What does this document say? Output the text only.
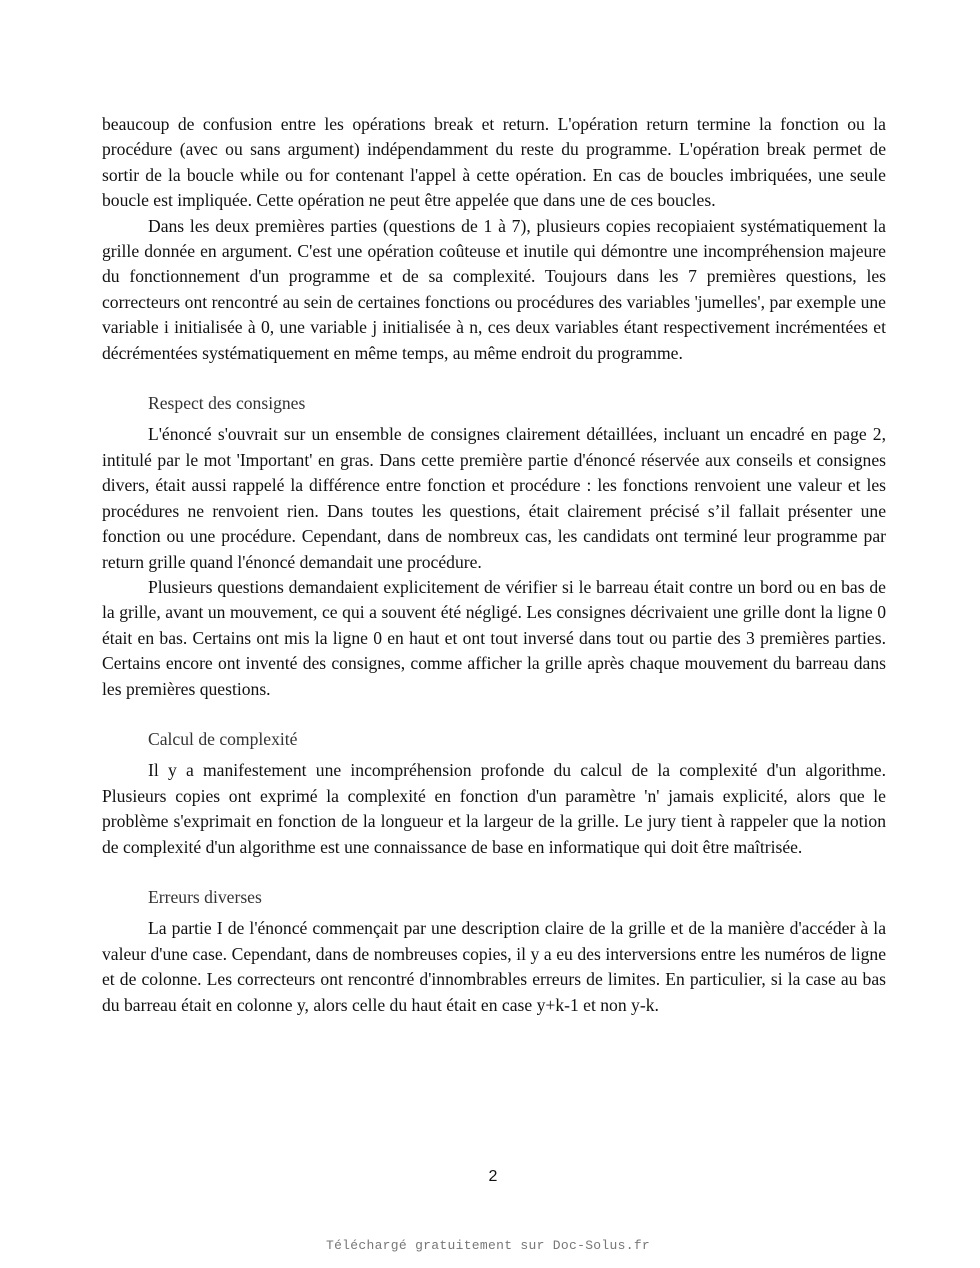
beaucoup de confusion entre les opérations break et return. L'opération return termine la fonction ou la procédure (avec ou sans argument) indépendamment du reste du programme. L'opération break permet de sortir de la boucle while ou for contenant l'appel à cette opération. En cas de boucles imbriquées, une seule boucle est impliquée. Cette opération ne peut être appelée que dans une de ces boucles.

Dans les deux premières parties (questions de 1 à 7), plusieurs copies recopiaient systématiquement la grille donnée en argument. C'est une opération coûteuse et inutile qui démontre une incompréhension majeure du fonctionnement d'un programme et de sa complexité. Toujours dans les 7 premières questions, les correcteurs ont rencontré au sein de certaines fonctions ou procédures des variables 'jumelles', par exemple une variable i initialisée à 0, une variable j initialisée à n, ces deux variables étant respectivement incrémentées et décrémentées systématiquement en même temps, au même endroit du programme.

Respect des consignes

L'énoncé s'ouvrait sur un ensemble de consignes clairement détaillées, incluant un encadré en page 2, intitulé par le mot 'Important' en gras. Dans cette première partie d'énoncé réservée aux conseils et consignes divers, était aussi rappelé la différence entre fonction et procédure : les fonctions renvoient une valeur et les procédures ne renvoient rien. Dans toutes les questions, était clairement précisé s’il fallait présenter une fonction ou une procédure. Cependant, dans de nombreux cas, les candidats ont terminé leur programme par return grille quand l'énoncé demandait une procédure.

Plusieurs questions demandaient explicitement de vérifier si le barreau était contre un bord ou en bas de la grille, avant un mouvement, ce qui a souvent été négligé. Les consignes décrivaient une grille dont la ligne 0 était en bas. Certains ont mis la ligne 0 en haut et ont tout inversé dans tout ou partie des 3 premières parties. Certains encore ont inventé des consignes, comme afficher la grille après chaque mouvement du barreau dans les premières questions.

Calcul de complexité

Il y a manifestement une incompréhension profonde du calcul de la complexité d'un algorithme. Plusieurs copies ont exprimé la complexité en fonction d'un paramètre 'n' jamais explicité, alors que le problème s'exprimait en fonction de la longueur et la largeur de la grille. Le jury tient à rappeler que la notion de complexité d'un algorithme est une connaissance de base en informatique qui doit être maîtrisée.

Erreurs diverses

La partie I de l'énoncé commençait par une description claire de la grille et de la manière d'accéder à la valeur d'une case. Cependant, dans de nombreuses copies, il y a eu des interversions entre les numéros de ligne et de colonne. Les correcteurs ont rencontré d'innombrables erreurs de limites. En particulier, si la case au bas du barreau était en colonne y, alors celle du haut était en case y+k-1 et non y-k.

2
Téléchargé gratuitement sur Doc-Solus.fr
